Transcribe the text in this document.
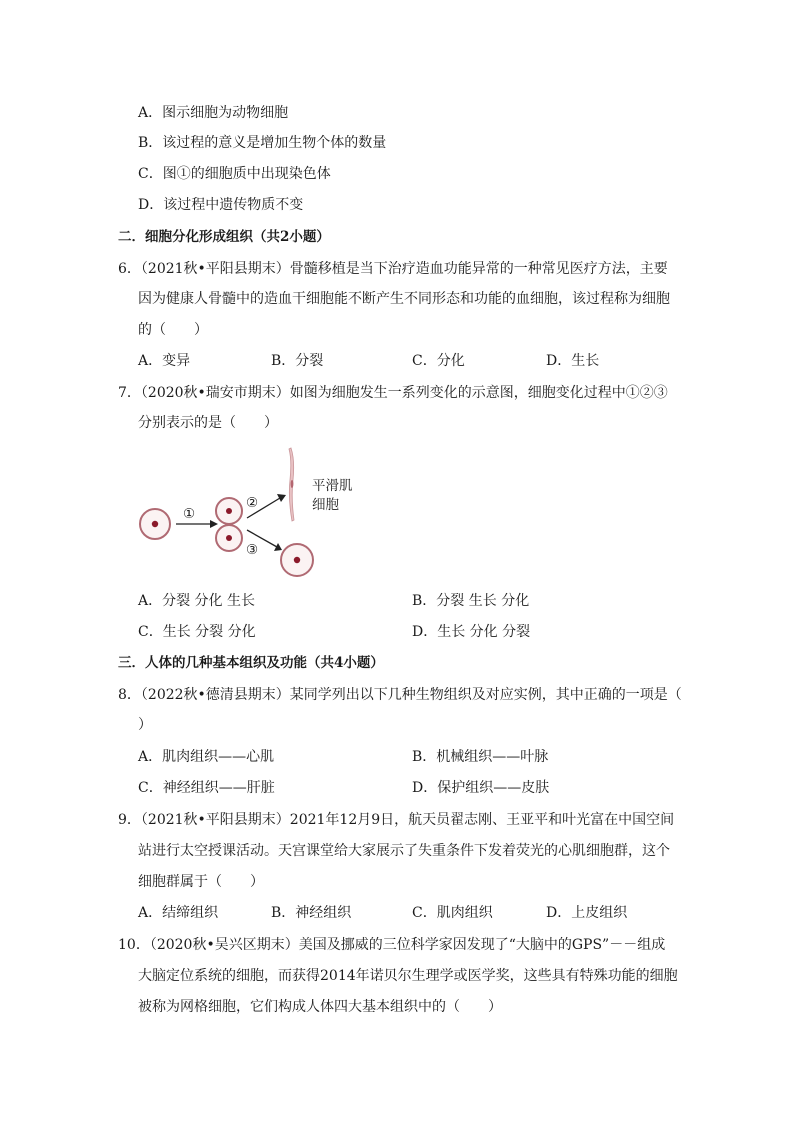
A．图示细胞为动物细胞
B．该过程的意义是增加生物个体的数量
C．图①的细胞质中出现染色体
D．该过程中遗传物质不变
二．细胞分化形成组织（共2小题）
6．（2021秋•平阳县期末）骨髓移植是当下治疗造血功能异常的一种常见医疗方法，主要
因为健康人骨髓中的造血干细胞能不断产生不同形态和功能的血细胞，该过程称为细胞
的（　　）
A．变异	B．分裂	C．分化	D．生长
7．（2020秋•瑞安市期末）如图为细胞发生一系列变化的示意图，细胞变化过程中①②③
分别表示的是（　　）
①
②
③
平滑肌
细胞
A．分裂 分化 生长	B．分裂 生长 分化
C．生长 分裂 分化	D．生长 分化 分裂
三．人体的几种基本组织及功能（共4小题）
8．（2022秋•德清县期末）某同学列出以下几种生物组织及对应实例，其中正确的一项是（
）
A．肌肉组织——心肌	B．机械组织——叶脉
C．神经组织——肝脏	D．保护组织——皮肤
9．（2021秋•平阳县期末）2021年12月9日，航天员翟志刚、王亚平和叶光富在中国空间
站进行太空授课活动。天宫课堂给大家展示了失重条件下发着荧光的心肌细胞群，这个
细胞群属于（　　）
A．结缔组织	B．神经组织	C．肌肉组织	D．上皮组织
10．（2020秋•吴兴区期末）美国及挪威的三位科学家因发现了“大脑中的GPS”－－组成
大脑定位系统的细胞，而获得2014年诺贝尔生理学或医学奖，这些具有特殊功能的细胞
被称为网格细胞，它们构成人体四大基本组织中的（　　）
